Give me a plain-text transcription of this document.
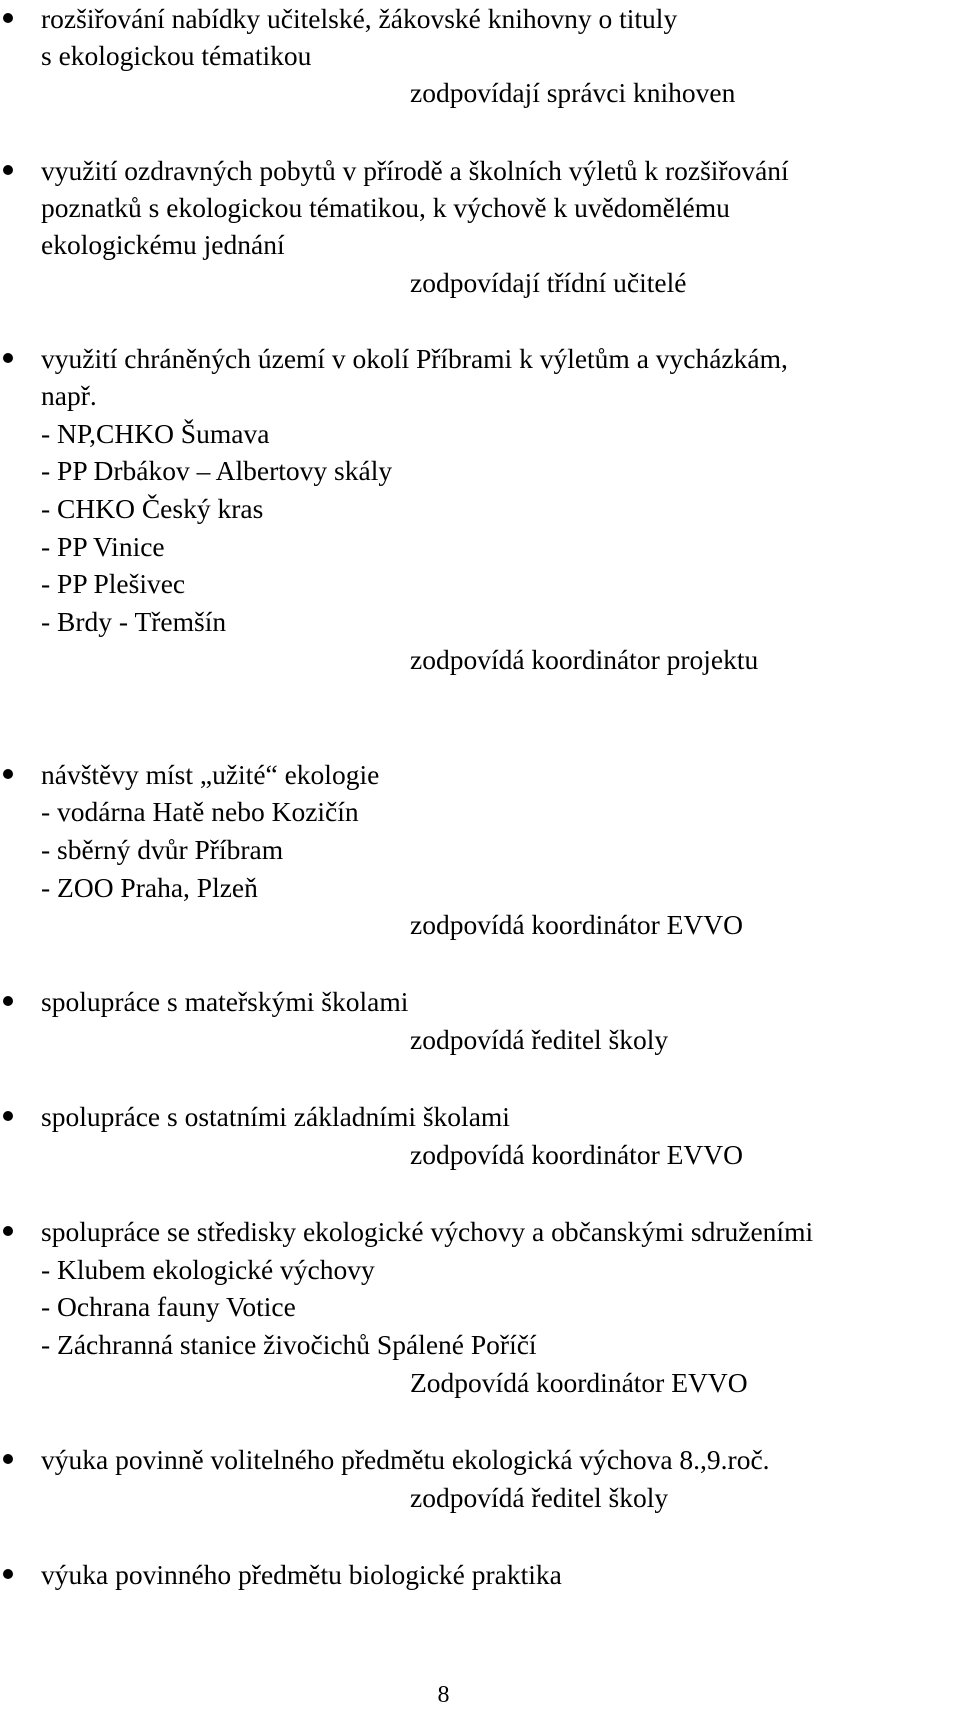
rozšiřování nabídky učitelské, žákovské knihovny o tituly
s ekologickou tématikou
zodpovídají správci knihoven
využití ozdravných pobytů v přírodě a školních výletů k rozšiřování
poznatků s ekologickou tématikou, k výchově k uvědomělému
ekologickému jednání
zodpovídají třídní učitelé
využití chráněných území v okolí Příbrami k výletům a vycházkám,
např.
- NP,CHKO Šumava
- PP Drbákov – Albertovy skály
- CHKO Český kras
- PP Vinice
- PP Plešivec
- Brdy - Třemšín
zodpovídá koordinátor projektu
návštěvy míst „užité“ ekologie
- vodárna Hatě nebo Kozičín
- sběrný dvůr Příbram
- ZOO Praha, Plzeň
zodpovídá koordinátor EVVO
spolupráce s mateřskými školami
zodpovídá ředitel školy
spolupráce s ostatními základními školami
zodpovídá koordinátor EVVO
spolupráce se středisky ekologické výchovy a občanskými sdruženími
- Klubem ekologické výchovy
- Ochrana fauny Votice
- Záchranná stanice živočichů Spálené Poříčí
Zodpovídá koordinátor EVVO
výuka povinně volitelného předmětu ekologická výchova 8.,9.roč.
zodpovídá ředitel školy
výuka povinného předmětu biologické praktika
8
